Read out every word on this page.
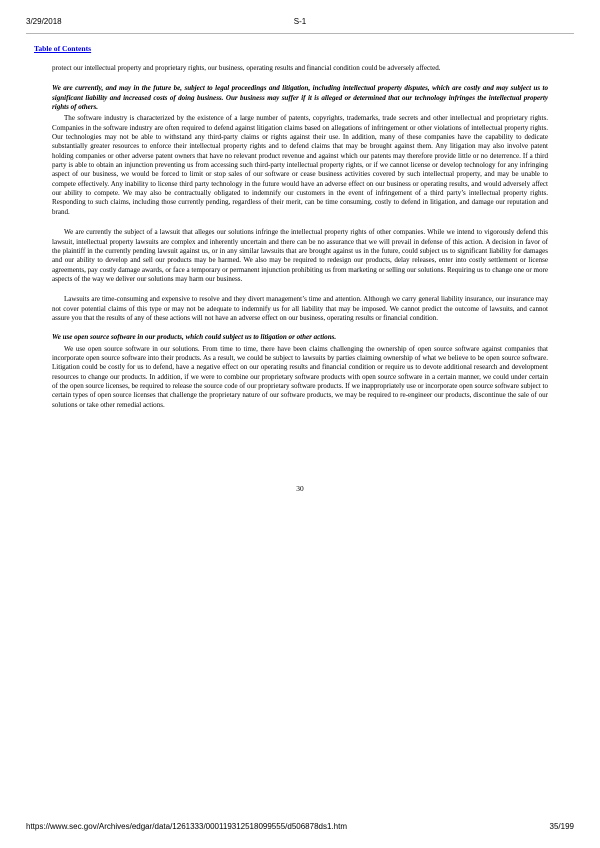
3/29/2018	S-1
Table of Contents

protect our intellectual property and proprietary rights, our business, operating results and financial condition could be adversely affected.

We are currently, and may in the future be, subject to legal proceedings and litigation, including intellectual property disputes, which are costly and may subject us to significant liability and increased costs of doing business. Our business may suffer if it is alleged or determined that our technology infringes the intellectual property rights of others.

The software industry is characterized by the existence of a large number of patents, copyrights, trademarks, trade secrets and other intellectual and proprietary rights. Companies in the software industry are often required to defend against litigation claims based on allegations of infringement or other violations of intellectual property rights. Our technologies may not be able to withstand any third-party claims or rights against their use. In addition, many of these companies have the capability to dedicate substantially greater resources to enforce their intellectual property rights and to defend claims that may be brought against them. Any litigation may also involve patent holding companies or other adverse patent owners that have no relevant product revenue and against which our patents may therefore provide little or no deterrence. If a third party is able to obtain an injunction preventing us from accessing such third-party intellectual property rights, or if we cannot license or develop technology for any infringing aspect of our business, we would be forced to limit or stop sales of our software or cease business activities covered by such intellectual property, and may be unable to compete effectively. Any inability to license third party technology in the future would have an adverse effect on our business or operating results, and would adversely affect our ability to compete. We may also be contractually obligated to indemnify our customers in the event of infringement of a third party’s intellectual property rights. Responding to such claims, including those currently pending, regardless of their merit, can be time consuming, costly to defend in litigation, and damage our reputation and brand.

We are currently the subject of a lawsuit that alleges our solutions infringe the intellectual property rights of other companies. While we intend to vigorously defend this lawsuit, intellectual property lawsuits are complex and inherently uncertain and there can be no assurance that we will prevail in defense of this action. A decision in favor of the plaintiff in the currently pending lawsuit against us, or in any similar lawsuits that are brought against us in the future, could subject us to significant liability for damages and our ability to develop and sell our products may be harmed. We also may be required to redesign our products, delay releases, enter into costly settlement or license agreements, pay costly damage awards, or face a temporary or permanent injunction prohibiting us from marketing or selling our solutions. Requiring us to change one or more aspects of the way we deliver our solutions may harm our business.

Lawsuits are time-consuming and expensive to resolve and they divert management’s time and attention. Although we carry general liability insurance, our insurance may not cover potential claims of this type or may not be adequate to indemnify us for all liability that may be imposed. We cannot predict the outcome of lawsuits, and cannot assure you that the results of any of these actions will not have an adverse effect on our business, operating results or financial condition.

We use open source software in our products, which could subject us to litigation or other actions.

We use open source software in our solutions. From time to time, there have been claims challenging the ownership of open source software against companies that incorporate open source software into their products. As a result, we could be subject to lawsuits by parties claiming ownership of what we believe to be open source software. Litigation could be costly for us to defend, have a negative effect on our operating results and financial condition or require us to devote additional research and development resources to change our products. In addition, if we were to combine our proprietary software products with open source software in a certain manner, we could under certain of the open source licenses, be required to release the source code of our proprietary software products. If we inappropriately use or incorporate open source software subject to certain types of open source licenses that challenge the proprietary nature of our software products, we may be required to re-engineer our products, discontinue the sale of our solutions or take other remedial actions.

30
https://www.sec.gov/Archives/edgar/data/1261333/000119312518099555/d506878ds1.htm	35/199
